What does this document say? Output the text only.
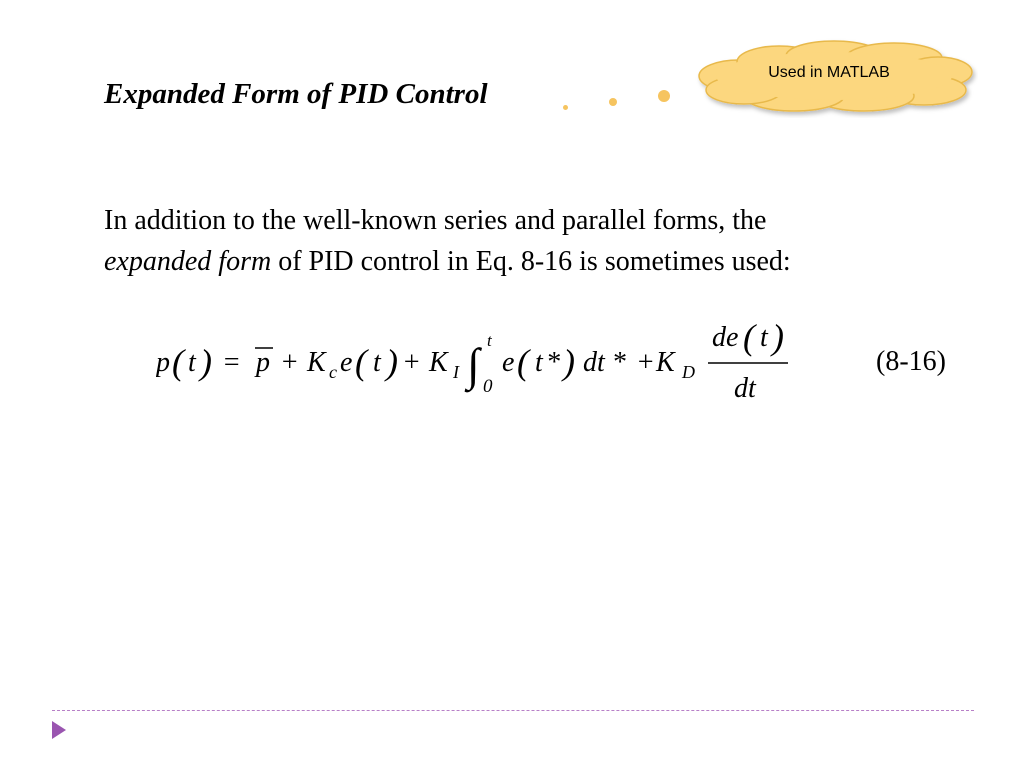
Expanded Form of PID Control
Used in MATLAB
In addition to the well-known series and parallel forms, the
expanded form of PID control in Eq. 8-16 is sometimes used:
p ( t ) = p + K c e ( t ) + K I ∫ t
0
e ( t * ) dt * + K D
de ( t )
dt
(8-16)
